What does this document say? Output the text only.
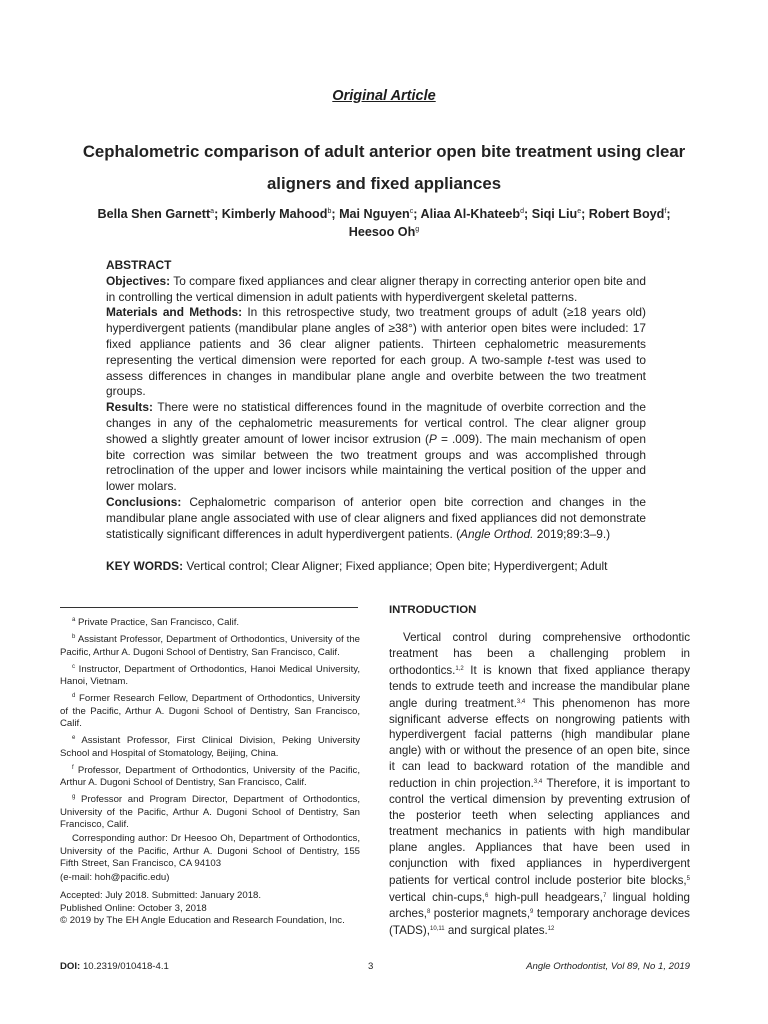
Original Article
Cephalometric comparison of adult anterior open bite treatment using clear aligners and fixed appliances
Bella Shen Garnett$^a$; Kimberly Mahood$^b$; Mai Nguyen$^c$; Aliaa Al-Khateeb$^d$; Siqi Liu$^e$; Robert Boyd$^f$;
Heesoo Oh$^g$

ABSTRACT

Objectives: To compare fixed appliances and clear aligner therapy in correcting anterior open bite and in controlling the vertical dimension in adult patients with hyperdivergent skeletal patterns.

Materials and Methods: In this retrospective study, two treatment groups of adult (≥18 years old) hyperdivergent patients (mandibular plane angles of ≥38°) with anterior open bites were included: 17 fixed appliance patients and 36 clear aligner patients. Thirteen cephalometric measurements representing the vertical dimension were reported for each group. A two-sample t-test was used to assess differences in changes in mandibular plane angle and overbite between the two treatment groups.

Results: There were no statistical differences found in the magnitude of overbite correction and the changes in any of the cephalometric measurements for vertical control. The clear aligner group showed a slightly greater amount of lower incisor extrusion (P = .009). The main mechanism of open bite correction was similar between the two treatment groups and was accomplished through retroclination of the upper and lower incisors while maintaining the vertical position of the upper and lower molars.

Conclusions: Cephalometric comparison of anterior open bite correction and changes in the mandibular plane angle associated with use of clear aligners and fixed appliances did not demonstrate statistically significant differences in adult hyperdivergent patients. (Angle Orthod. 2019;89:3–9.)

KEY WORDS: Vertical control; Clear Aligner; Fixed appliance; Open bite; Hyperdivergent; Adult

$^a$ Private Practice, San Francisco, Calif.

$^b$ Assistant Professor, Department of Orthodontics, University of the Pacific, Arthur A. Dugoni School of Dentistry, San Francisco, Calif.

$^c$ Instructor, Department of Orthodontics, Hanoi Medical University, Hanoi, Vietnam.

$^d$ Former Research Fellow, Department of Orthodontics, University of the Pacific, Arthur A. Dugoni School of Dentistry, San Francisco, Calif.

$^e$ Assistant Professor, First Clinical Division, Peking University School and Hospital of Stomatology, Beijing, China.

$^f$ Professor, Department of Orthodontics, University of the Pacific, Arthur A. Dugoni School of Dentistry, San Francisco, Calif.

$^g$ Professor and Program Director, Department of Orthodontics, University of the Pacific, Arthur A. Dugoni School of Dentistry, San Francisco, Calif.

Corresponding author: Dr Heesoo Oh, Department of Orthodontics, University of the Pacific, Arthur A. Dugoni School of Dentistry, 155 Fifth Street, San Francisco, CA 94103

(e-mail: hoh@pacific.edu)

Accepted: July 2018. Submitted: January 2018.

Published Online: October 3, 2018

© 2019 by The EH Angle Education and Research Foundation, Inc.

INTRODUCTION
Vertical control during comprehensive orthodontic treatment has been a challenging problem in orthodontics.$^{1,2}$ It is known that fixed appliance therapy tends to extrude teeth and increase the mandibular plane angle during treatment.$^{3,4}$ This phenomenon has more significant adverse effects on nongrowing patients with hyperdivergent facial patterns (high mandibular plane angle) with or without the presence of an open bite, since it can lead to backward rotation of the mandible and reduction in chin projection.$^{3,4}$ Therefore, it is important to control the vertical dimension by preventing extrusion of the posterior teeth when selecting appliances and treatment mechanics in patients with high mandibular plane angles. Appliances that have been used in conjunction with fixed appliances in hyperdivergent patients for vertical control include posterior bite blocks,$^5$ vertical chin-cups,$^6$ high-pull headgears,$^7$ lingual holding arches,$^8$ posterior magnets,$^9$ temporary anchorage devices (TADS),$^{10,11}$ and surgical plates.$^{12}$
DOI: 10.2319/010418-4.1	3	Angle Orthodontist, Vol 89, No 1, 2019
